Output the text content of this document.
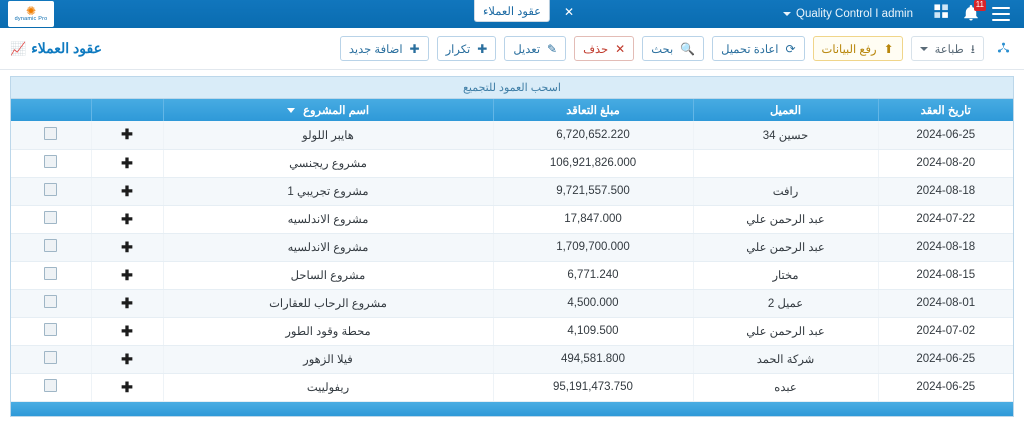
11
Quality Control I admin
عقود العملاء ✕
✺
dynamic Pro
⭳
طباعة
⬆
رفع البيانات
⟳
اعادة تحميل
🔍
بحث
✕
حذف
✎
تعديل
✚
تكرار
✚
اضافة جديد
عقود العملاء
📈
اسحب العمود للتجميع
تاريخ العقد	العميل	مبلغ التعاقد	اسم المشروع		
2024-06-25	حسين 34	6,720,652.220	هايبر اللولو	✚	
2024-08-20		106,921,826.000	مشروع ريجنسي	✚	
2024-08-18	رافت	9,721,557.500	مشروع تجريبي 1	✚	
2024-07-22	عبد الرحمن علي	17,847.000	مشروع الاندلسيه	✚	
2024-08-18	عبد الرحمن علي	1,709,700.000	مشروع الاندلسيه	✚	
2024-08-15	مختار	6,771.240	مشروع الساحل	✚	
2024-08-01	عميل 2	4,500.000	مشروع الرحاب للعقارات	✚	
2024-07-02	عبد الرحمن علي	4,109.500	محطة وقود الطور	✚	
2024-06-25	شركة الحمد	494,581.800	فيلا الزهور	✚	
2024-06-25	عبده	95,191,473.750	ريفولييت	✚	
